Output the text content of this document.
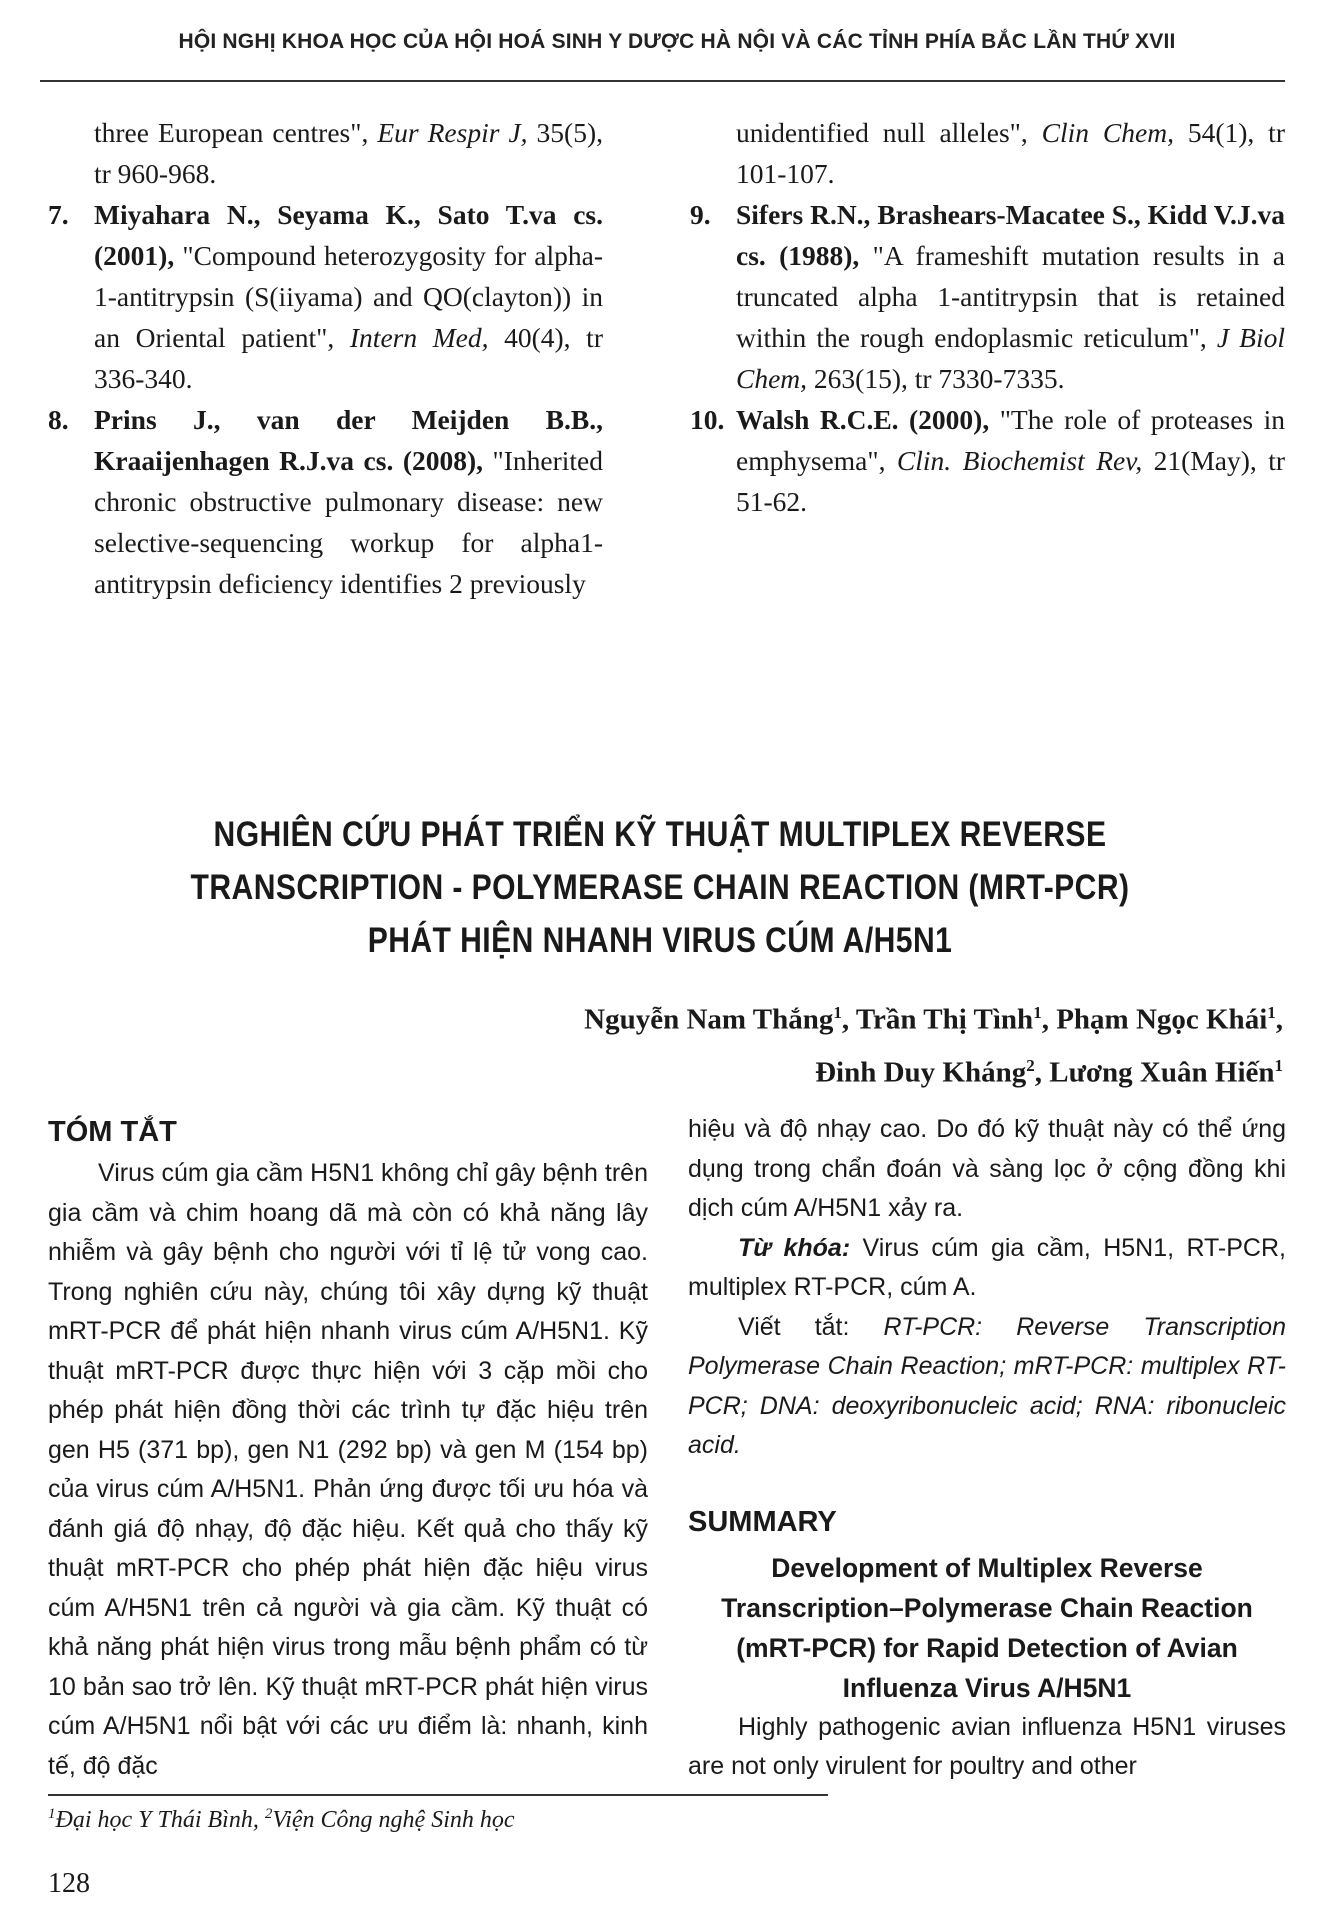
HỘI NGHỊ KHOA HỌC CỦA HỘI HOÁ SINH Y DƯỢC HÀ NỘI VÀ CÁC TỈNH PHÍA BẮC LẦN THỨ XVII
three European centres", Eur Respir J, 35(5), tr 960-968.
7. Miyahara N., Seyama K., Sato T.va cs. (2001), "Compound heterozygosity for alpha-1-antitrypsin (S(iiyama) and QO(clayton)) in an Oriental patient", Intern Med, 40(4), tr 336-340.
8. Prins J., van der Meijden B.B., Kraaijenhagen R.J.va cs. (2008), "Inherited chronic obstructive pulmonary disease: new selective-sequencing workup for alpha1-antitrypsin deficiency identifies 2 previously
unidentified null alleles", Clin Chem, 54(1), tr 101-107.
9. Sifers R.N., Brashears-Macatee S., Kidd V.J.va cs. (1988), "A frameshift mutation results in a truncated alpha 1-antitrypsin that is retained within the rough endoplasmic reticulum", J Biol Chem, 263(15), tr 7330-7335.
10. Walsh R.C.E. (2000), "The role of proteases in emphysema", Clin. Biochemist Rev, 21(May), tr 51-62.
NGHIÊN CỨU PHÁT TRIỂN KỸ THUẬT MULTIPLEX REVERSE
TRANSCRIPTION - POLYMERASE CHAIN REACTION (MRT-PCR)
PHÁT HIỆN NHANH VIRUS CÚM A/H5N1
Nguyễn Nam Thắng$^1$, Trần Thị Tình$^1$, Phạm Ngọc Khái$^1$,
Đinh Duy Kháng$^2$, Lương Xuân Hiến$^1$
TÓM TẮT

Virus cúm gia cầm H5N1 không chỉ gây bệnh trên gia cầm và chim hoang dã mà còn có khả năng lây nhiễm và gây bệnh cho người với tỉ lệ tử vong cao. Trong nghiên cứu này, chúng tôi xây dựng kỹ thuật mRT-PCR để phát hiện nhanh virus cúm A/H5N1. Kỹ thuật mRT-PCR được thực hiện với 3 cặp mồi cho phép phát hiện đồng thời các trình tự đặc hiệu trên gen H5 (371 bp), gen N1 (292 bp) và gen M (154 bp) của virus cúm A/H5N1. Phản ứng được tối ưu hóa và đánh giá độ nhạy, độ đặc hiệu. Kết quả cho thấy kỹ thuật mRT-PCR cho phép phát hiện đặc hiệu virus cúm A/H5N1 trên cả người và gia cầm. Kỹ thuật có khả năng phát hiện virus trong mẫu bệnh phẩm có từ 10 bản sao trở lên. Kỹ thuật mRT-PCR phát hiện virus cúm A/H5N1 nổi bật với các ưu điểm là: nhanh, kinh tế, độ đặc

hiệu và độ nhạy cao. Do đó kỹ thuật này có thể ứng dụng trong chẩn đoán và sàng lọc ở cộng đồng khi dịch cúm A/H5N1 xảy ra.

Từ khóa: Virus cúm gia cầm, H5N1, RT-PCR, multiplex RT-PCR, cúm A.

Viết tắt: RT-PCR: Reverse Transcription Polymerase Chain Reaction; mRT-PCR: multiplex RT-PCR; DNA: deoxyribonucleic acid; RNA: ribonucleic acid.

SUMMARY

Development of Multiplex Reverse Transcription–Polymerase Chain Reaction (mRT-PCR) for Rapid Detection of Avian Influenza Virus A/H5N1

Highly pathogenic avian influenza H5N1 viruses are not only virulent for poultry and other

$^1$Đại học Y Thái Bình, $^2$Viện Công nghệ Sinh học
128
